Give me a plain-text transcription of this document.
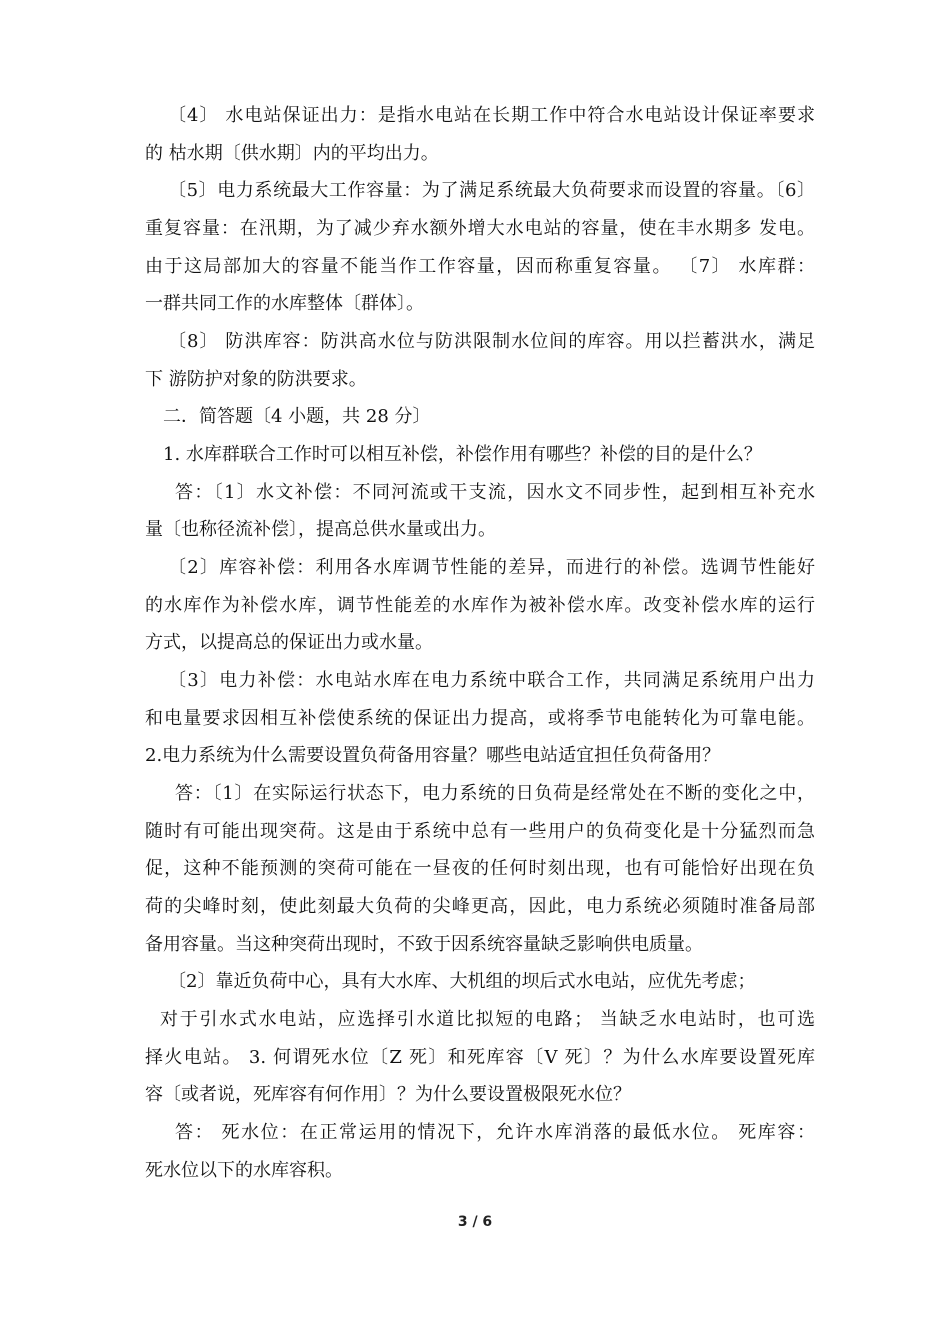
〔4〕 水电站保证出力：是指水电站在长期工作中符合水电站设计保证率要求
的 枯水期〔供水期〕内的平均出力。
〔5〕电力系统最大工作容量：为了满足系统最大负荷要求而设置的容量。〔6〕
重复容量：在汛期，为了减少弃水额外增大水电站的容量，使在丰水期多 发电。
由于这局部加大的容量不能当作工作容量，因而称重复容量。 〔7〕 水库群：
一群共同工作的水库整体〔群体〕。
〔8〕 防洪库容：防洪高水位与防洪限制水位间的库容。用以拦蓄洪水，满足
下 游防护对象的防洪要求。
二．简答题〔4 小题，共 28 分〕
1. 水库群联合工作时可以相互补偿，补偿作用有哪些？补偿的目的是什么？
答：〔1〕水文补偿：不同河流或干支流，因水文不同步性，起到相互补充水
量〔也称径流补偿〕，提高总供水量或出力。
〔2〕库容补偿：利用各水库调节性能的差异，而进行的补偿。选调节性能好
的水库作为补偿水库，调节性能差的水库作为被补偿水库。改变补偿水库的运行
方式，以提高总的保证出力或水量。
〔3〕电力补偿：水电站水库在电力系统中联合工作，共同满足系统用户出力
和电量要求因相互补偿使系统的保证出力提高，或将季节电能转化为可靠电能。
2.电力系统为什么需要设置负荷备用容量？哪些电站适宜担任负荷备用？
答：〔1〕在实际运行状态下，电力系统的日负荷是经常处在不断的变化之中，
随时有可能出现突荷。这是由于系统中总有一些用户的负荷变化是十分猛烈而急
促，这种不能预测的突荷可能在一昼夜的任何时刻出现，也有可能恰好出现在负
荷的尖峰时刻，使此刻最大负荷的尖峰更高，因此，电力系统必须随时准备局部
备用容量。当这种突荷出现时，不致于因系统容量缺乏影响供电质量。
〔2〕靠近负荷中心，具有大水库、大机组的坝后式水电站，应优先考虑；
对于引水式水电站，应选择引水道比拟短的电路； 当缺乏水电站时，也可选
择火电站。 3. 何谓死水位〔Z 死〕和死库容〔V 死〕？为什么水库要设置死库
容〔或者说，死库容有何作用〕？为什么要设置极限死水位？
答： 死水位：在正常运用的情况下，允许水库消落的最低水位。 死库容：
死水位以下的水库容积。
3 / 6
